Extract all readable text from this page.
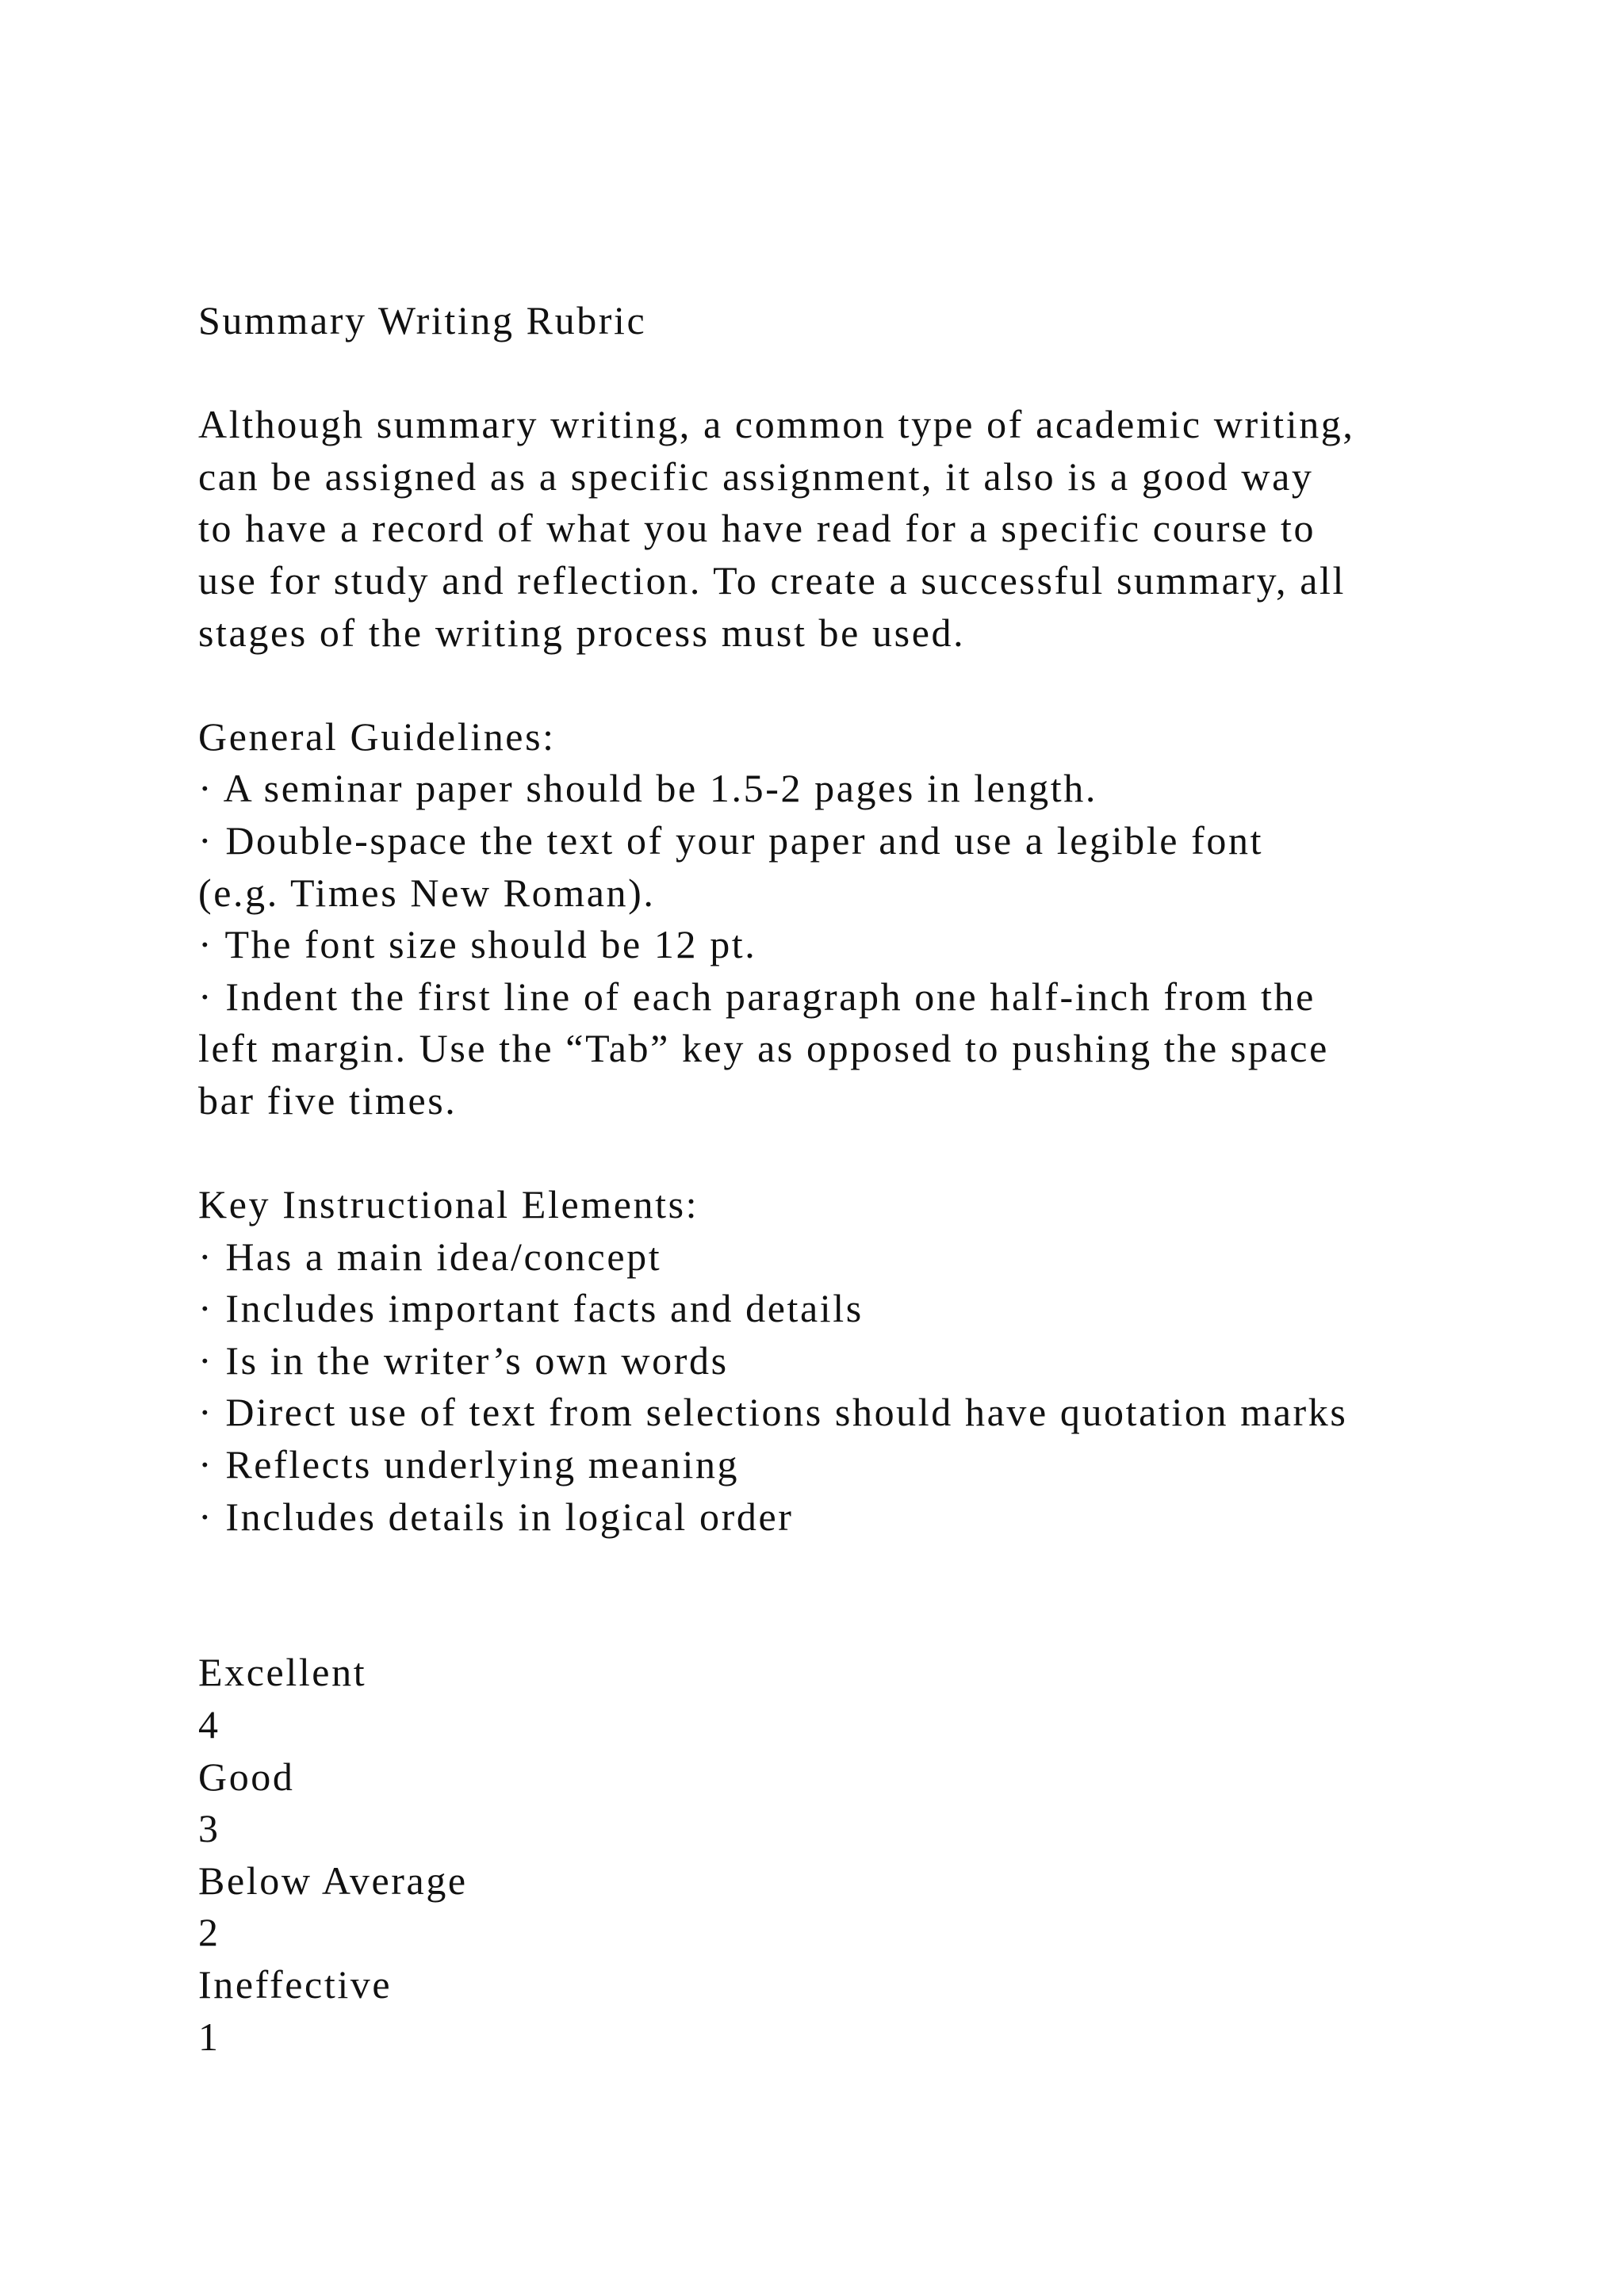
Summary Writing Rubric
Although summary writing, a common type of academic writing,
can be assigned as a specific assignment, it also is a good way
to have a record of what you have read for a specific course to
use for study and reflection. To create a successful summary, all
stages of the writing process must be used.
General Guidelines:
· A seminar paper should be 1.5-2 pages in length.
· Double-space the text of your paper and use a legible font
(e.g. Times New Roman).
· The font size should be 12 pt.
· Indent the first line of each paragraph one half-inch from the
left margin. Use the “Tab” key as opposed to pushing the space
bar five times.
Key Instructional Elements:
· Has a main idea/concept
· Includes important facts and details
· Is in the writer’s own words
· Direct use of text from selections should have quotation marks
· Reflects underlying meaning
· Includes details in logical order
Excellent
4
Good
3
Below Average
2
Ineffective
1
